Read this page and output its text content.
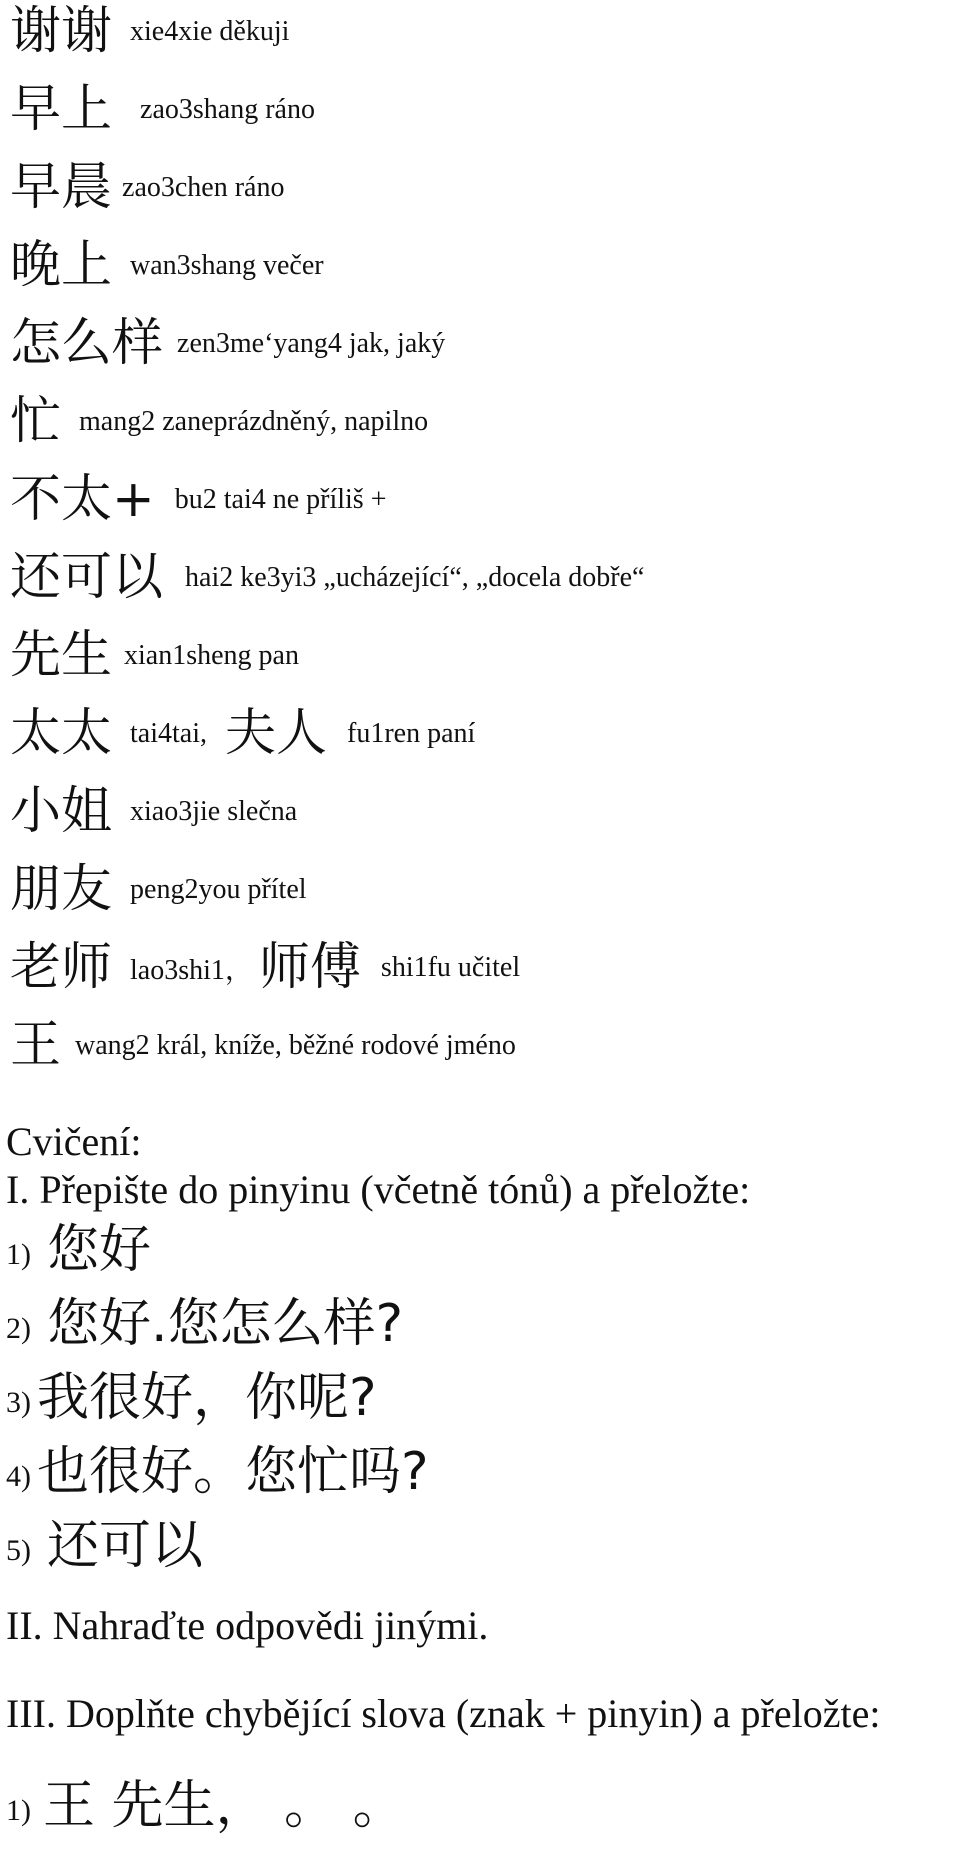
谢谢 xie4xie děkuji
早上 zao3shang ráno
早晨 zao3chen ráno
晚上 wan3shang večer
怎么样 zen3me‘yang4 jak, jaký
忙 mang2 zaneprázdněný, napilno
不太+ bu2 tai4 ne příliš +
还可以 hai2 ke3yi3 „ucházející“, „docela dobře“
先生 xian1sheng pan
太太 tai4tai, 夫人 fu1ren paní
小姐 xiao3jie slečna
朋友 peng2you přítel
老师 lao3shi1， 师傅 shi1fu učitel
王 wang2 král, kníže, běžné rodové jméno
Cvičení:
I. Přepište do pinyinu (včetně tónů) a přeložte:
1) 您好
2) 您好.您怎么样?
3) 我很好，你呢?
4) 也很好。您忙吗?
5) 还可以
II. Nahraďte odpovědi jinými.
III. Doplňte chybějící slova (znak + pinyin) a přeložte:
1) 王 先生， 。 。
